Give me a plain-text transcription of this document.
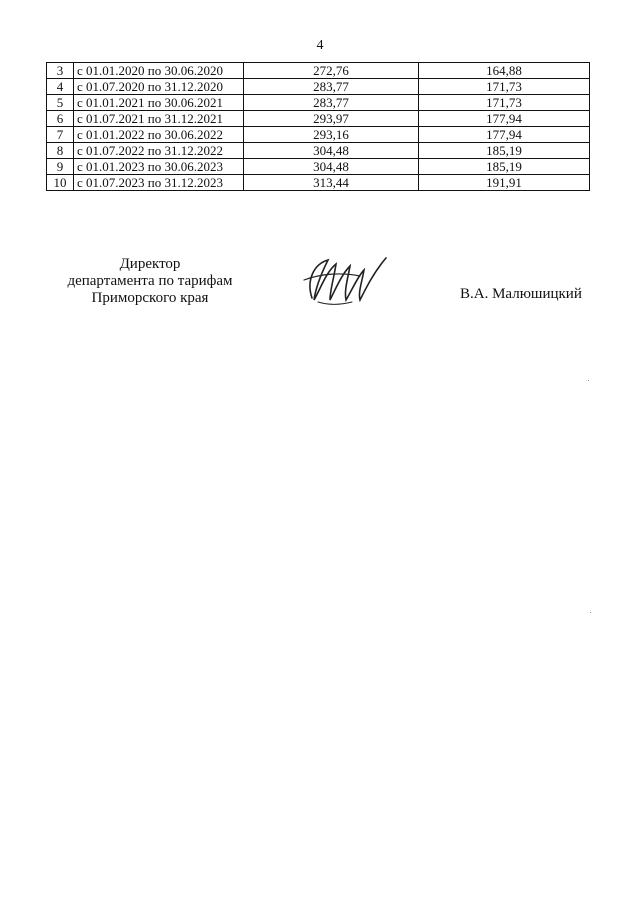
4
3	с 01.01.2020 по 30.06.2020	272,76	164,88
4	с 01.07.2020 по 31.12.2020	283,77	171,73
5	с 01.01.2021 по 30.06.2021	283,77	171,73
6	с 01.07.2021 по 31.12.2021	293,97	177,94
7	с 01.01.2022 по 30.06.2022	293,16	177,94
8	с 01.07.2022 по 31.12.2022	304,48	185,19
9	с 01.01.2023 по 30.06.2023	304,48	185,19
10	с 01.07.2023 по 31.12.2023	313,44	191,91
Директор
департамента по тарифам
Приморского края	В.А. Малюшицкий
